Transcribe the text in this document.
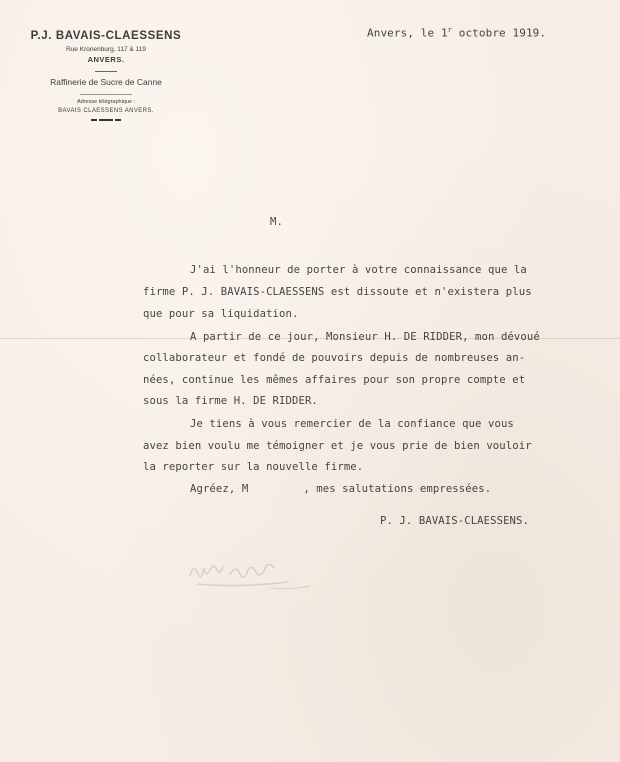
P.J. BAVAIS-CLAESSENS
Rue Kronenburg, 117 & 119
ANVERS.
Raffinerie de Sucre de Canne
Adresse télégraphique :
BAVAIS CLAESSENS ANVERS.
Anvers, le 1$^r$ octobre 1919.
M.
J'ai l'honneur de porter à votre connaissance que la
firme P. J. BAVAIS-CLAESSENS est dissoute et n'existera plus
que pour sa liquidation.
A partir de ce jour, Monsieur H. DE RIDDER, mon dévoué
collaborateur et fondé de pouvoirs depuis de nombreuses an-
nées, continue les mêmes affaires pour son propre compte et
sous la firme H. DE RIDDER.
Je tiens à vous remercier de la confiance que vous
avez bien voulu me témoigner et je vous prie de bien vouloir
la reporter sur la nouvelle firme.
Agréez, M	, mes salutations empressées.
P. J. BAVAIS-CLAESSENS.
